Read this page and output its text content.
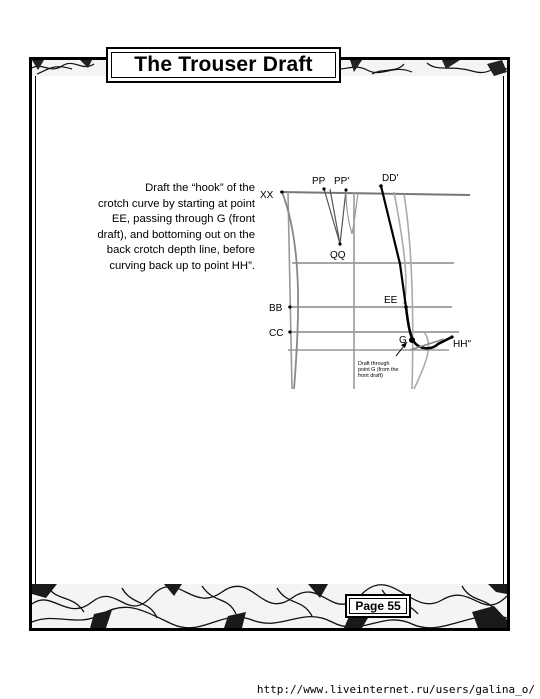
The Trouser Draft

Draft the “hook” of the

crotch curve by starting at point

EE, passing through G (front

draft), and bottoming out on the

back crotch depth line, before

curving back up to point HH”.

XX
PP PP'	DD'
QQ
BB
EE
CC
G	HH"
Draft through
point G (from the
front draft)
Page 55
http://www.liveinternet.ru/users/galina_o/
